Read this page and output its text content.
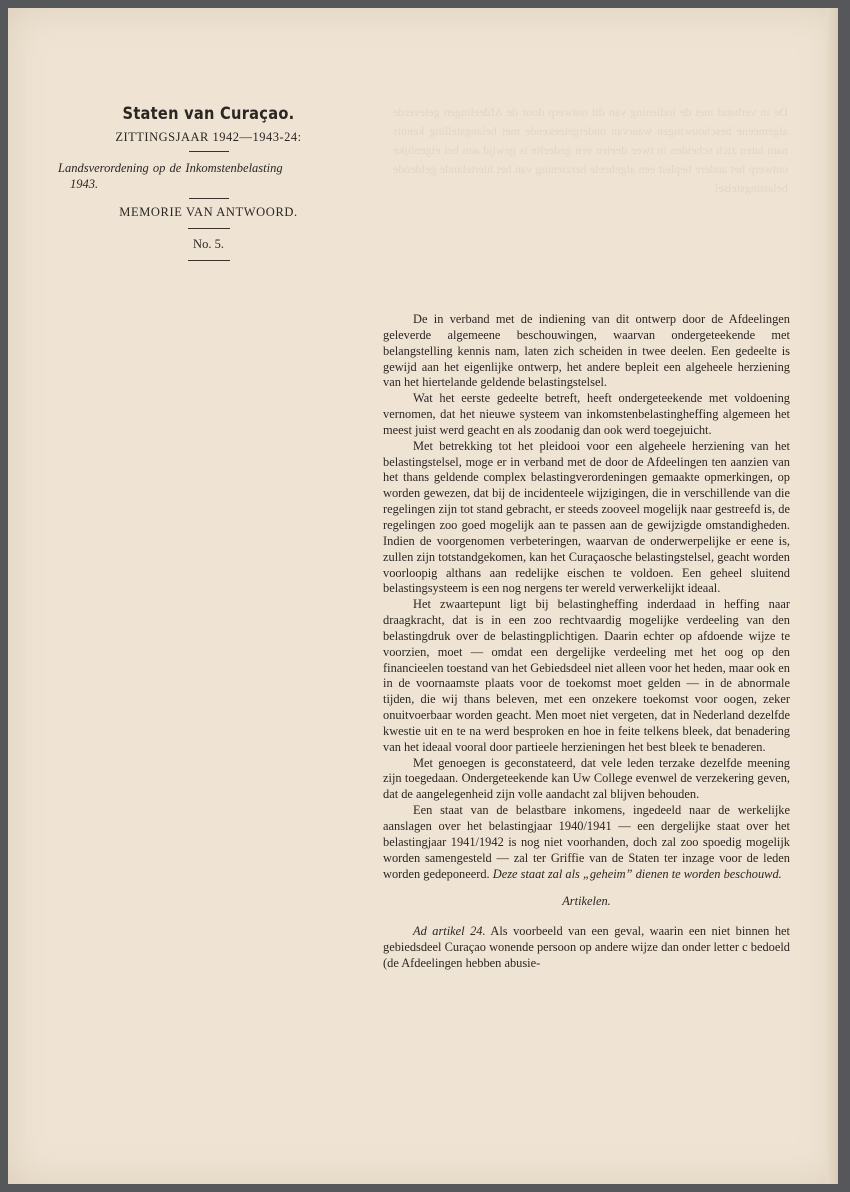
De in verband met de indiening van dit ontwerp door de Afdeelingen geleverde algemeene beschouwingen waarvan ondergeteekende met belangstelling kennis nam laten zich scheiden in twee deelen een gedeelte is gewijd aan het eigenlijke ontwerp het andere bepleit een algeheele herziening van het hiertelande geldende belastingstelsel
Staten van Curaçao.
ZITTINGSJAAR 1942—1943-24:
Landsverordening op de Inkomstenbelasting
1943.
MEMORIE VAN ANTWOORD.
No. 5.

De in verband met de indiening van dit ontwerp door de Afdeelingen geleverde algemeene beschouwingen, waarvan ondergeteekende met belangstelling kennis nam, laten zich scheiden in twee deelen. Een gedeelte is gewijd aan het eigenlijke ontwerp, het andere bepleit een algeheele herziening van het hiertelande geldende belastingstelsel.

Wat het eerste gedeelte betreft, heeft ondergeteekende met voldoening vernomen, dat het nieuwe systeem van inkomstenbelastingheffing algemeen het meest juist werd geacht en als zoodanig dan ook werd toegejuicht.

Met betrekking tot het pleidooi voor een algeheele herziening van het belastingstelsel, moge er in verband met de door de Afdeelingen ten aanzien van het thans geldende complex belastingverordeningen gemaakte opmerkingen, op worden gewezen, dat bij de incidenteele wijzigingen, die in verschillende van die regelingen zijn tot stand gebracht, er steeds zooveel mogelijk naar gestreefd is, de regelingen zoo goed mogelijk aan te passen aan de gewijzigde omstandigheden. Indien de voorgenomen verbeteringen, waarvan de onderwerpelijke er eene is, zullen zijn totstandgekomen, kan het Curaçaosche belastingstelsel, geacht worden voorloopig althans aan redelijke eischen te voldoen. Een geheel sluitend belastingsysteem is een nog nergens ter wereld verwerkelijkt ideaal.

Het zwaartepunt ligt bij belastingheffing inderdaad in heffing naar draagkracht, dat is in een zoo rechtvaardig mogelijke verdeeling van den belastingdruk over de belastingplichtigen. Daarin echter op afdoende wijze te voorzien, moet — omdat een dergelijke verdeeling met het oog op den financieelen toestand van het Gebiedsdeel niet alleen voor het heden, maar ook en in de voornaamste plaats voor de toekomst moet gelden — in de abnormale tijden, die wij thans beleven, met een onzekere toekomst voor oogen, zeker onuitvoerbaar worden geacht. Men moet niet vergeten, dat in Nederland dezelfde kwestie uit en te na werd besproken en hoe in feite telkens bleek, dat benadering van het ideaal vooral door partieele herzieningen het best bleek te benaderen.

Met genoegen is geconstateerd, dat vele leden terzake dezelfde meening zijn toegedaan. Ondergeteekende kan Uw College evenwel de verzekering geven, dat de aangelegenheid zijn volle aandacht zal blijven behouden.

Een staat van de belastbare inkomens, ingedeeld naar de werkelijke aanslagen over het belastingjaar 1940/1941 — een dergelijke staat over het belastingjaar 1941/1942 is nog niet voorhanden, doch zal zoo spoedig mogelijk worden samengesteld — zal ter Griffie van de Staten ter inzage voor de leden worden gedeponeerd. Deze staat zal als „geheim” dienen te worden beschouwd.

Artikelen.

Ad artikel 24. Als voorbeeld van een geval, waarin een niet binnen het gebiedsdeel Curaçao wonende persoon op andere wijze dan onder letter c bedoeld (de Afdeelingen hebben abusie-
